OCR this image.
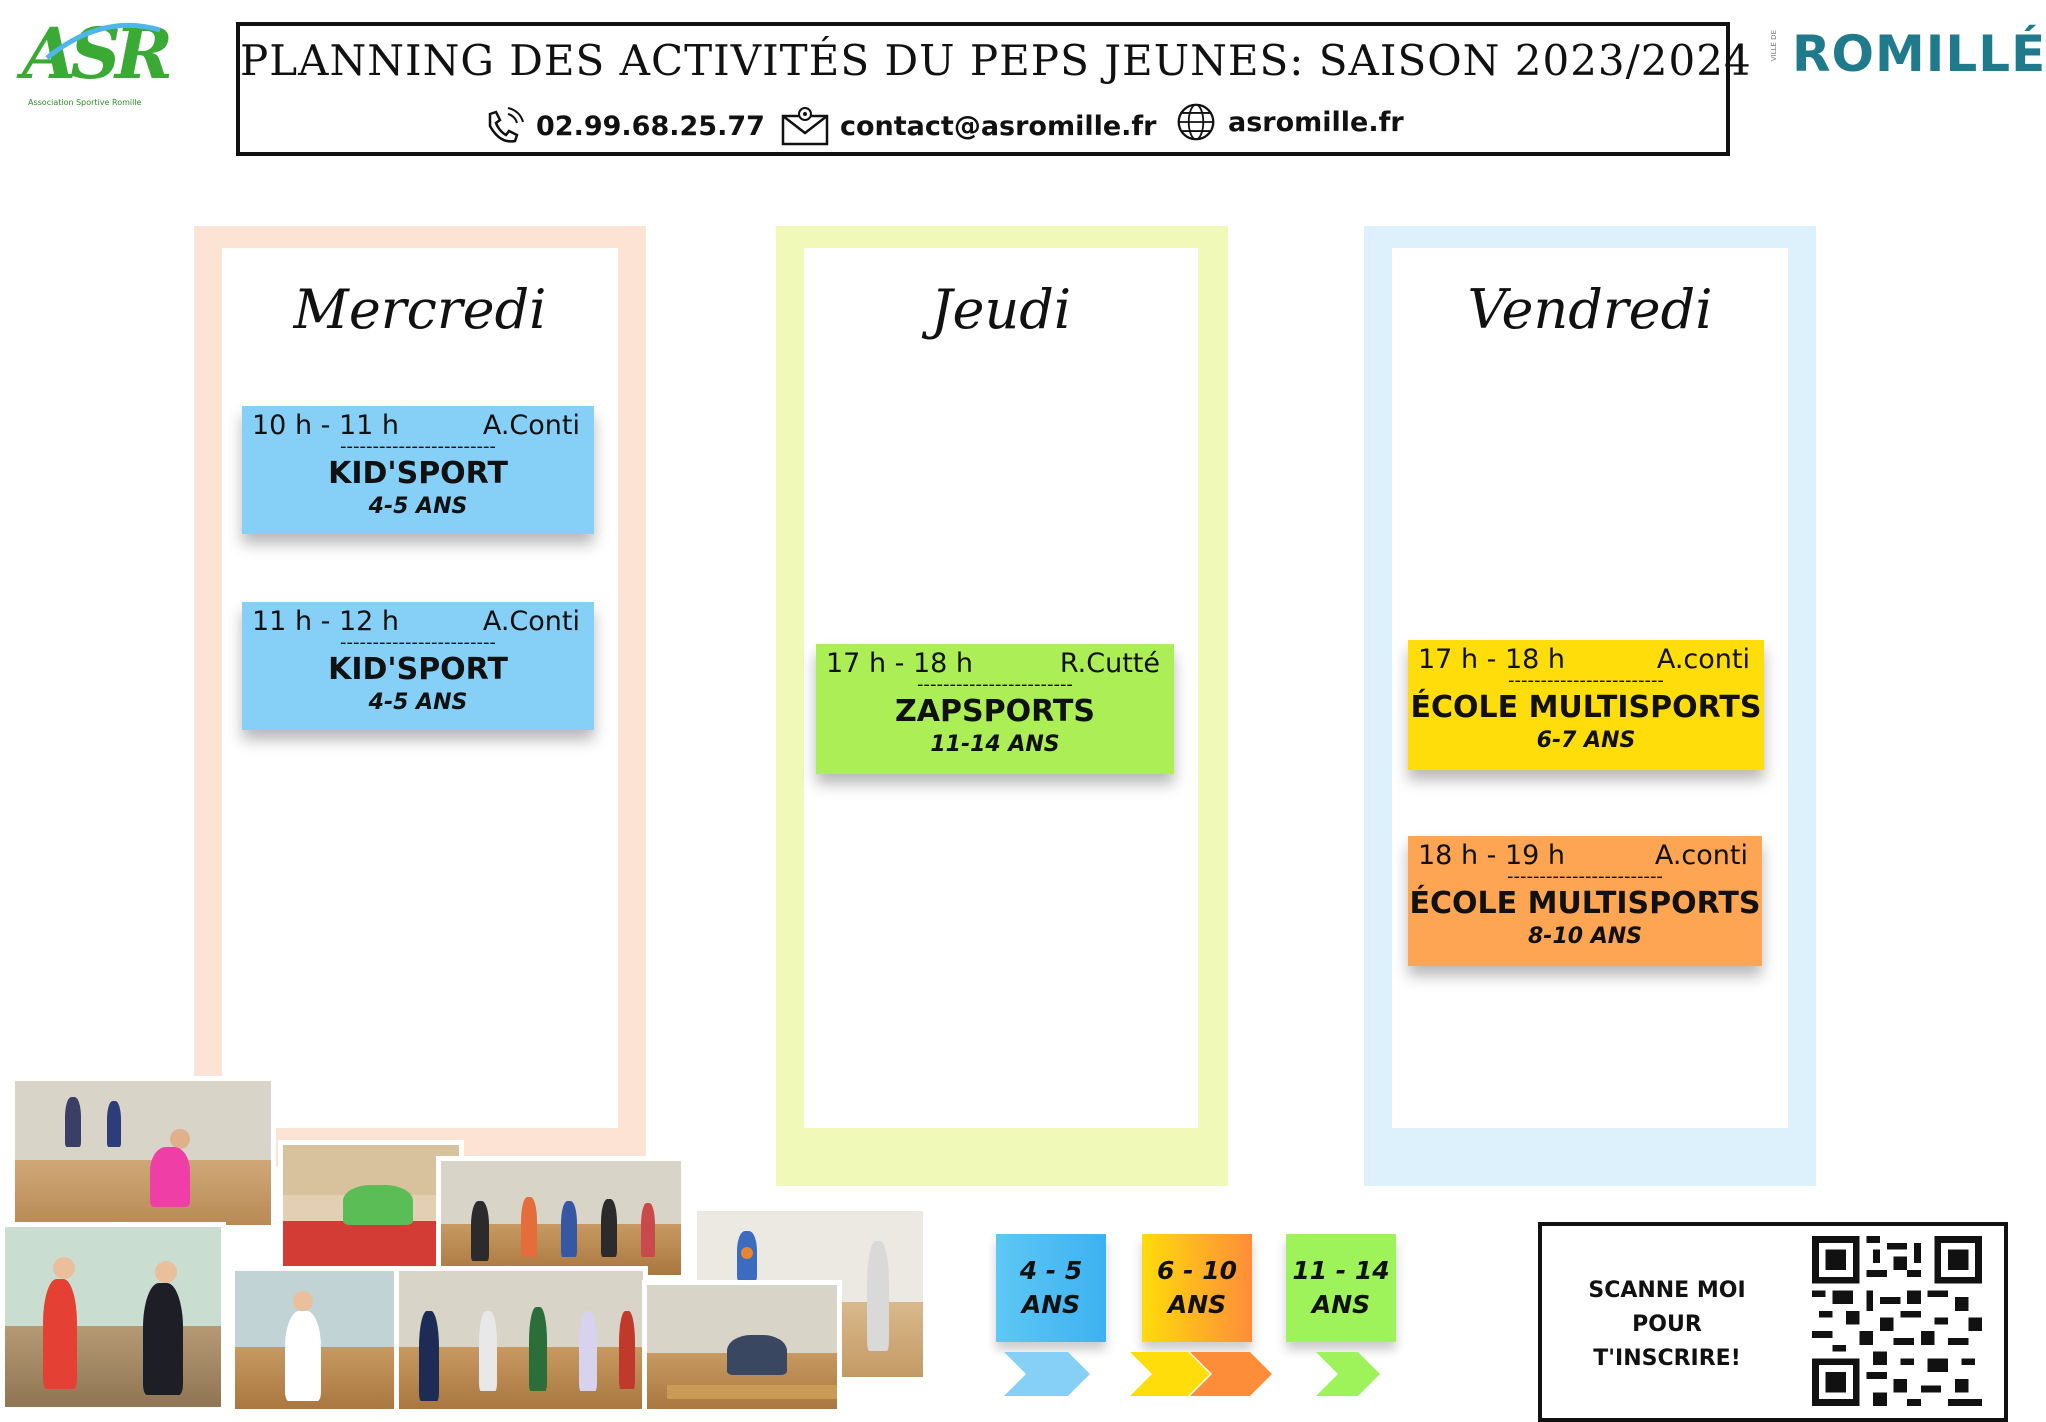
ASR
Association Sportive Romille
VILLE DE ROMILLÉ
PLANNING DES ACTIVITÉS DU PEPS JEUNES: SAISON 2023/2024
02.99.68.25.77	contact@asromille.fr	asromille.fr
Mercredi
10 h - 11 h	A.Conti
------------------------
KID'SPORT
4-5 ANS
11 h - 12 h	A.Conti
------------------------
KID'SPORT
4-5 ANS
Jeudi
17 h - 18 h	R.Cutté
------------------------
ZAPSPORTS
11-14 ANS
Vendredi
17 h - 18 h	A.conti
------------------------
ÉCOLE MULTISPORTS
6-7 ANS
18 h - 19 h	A.conti
------------------------
ÉCOLE MULTISPORTS
8-10 ANS
4 - 5
ANS
6 - 10
ANS
11 - 14
ANS	SCANNE MOI
POUR
T'INSCRIRE!
